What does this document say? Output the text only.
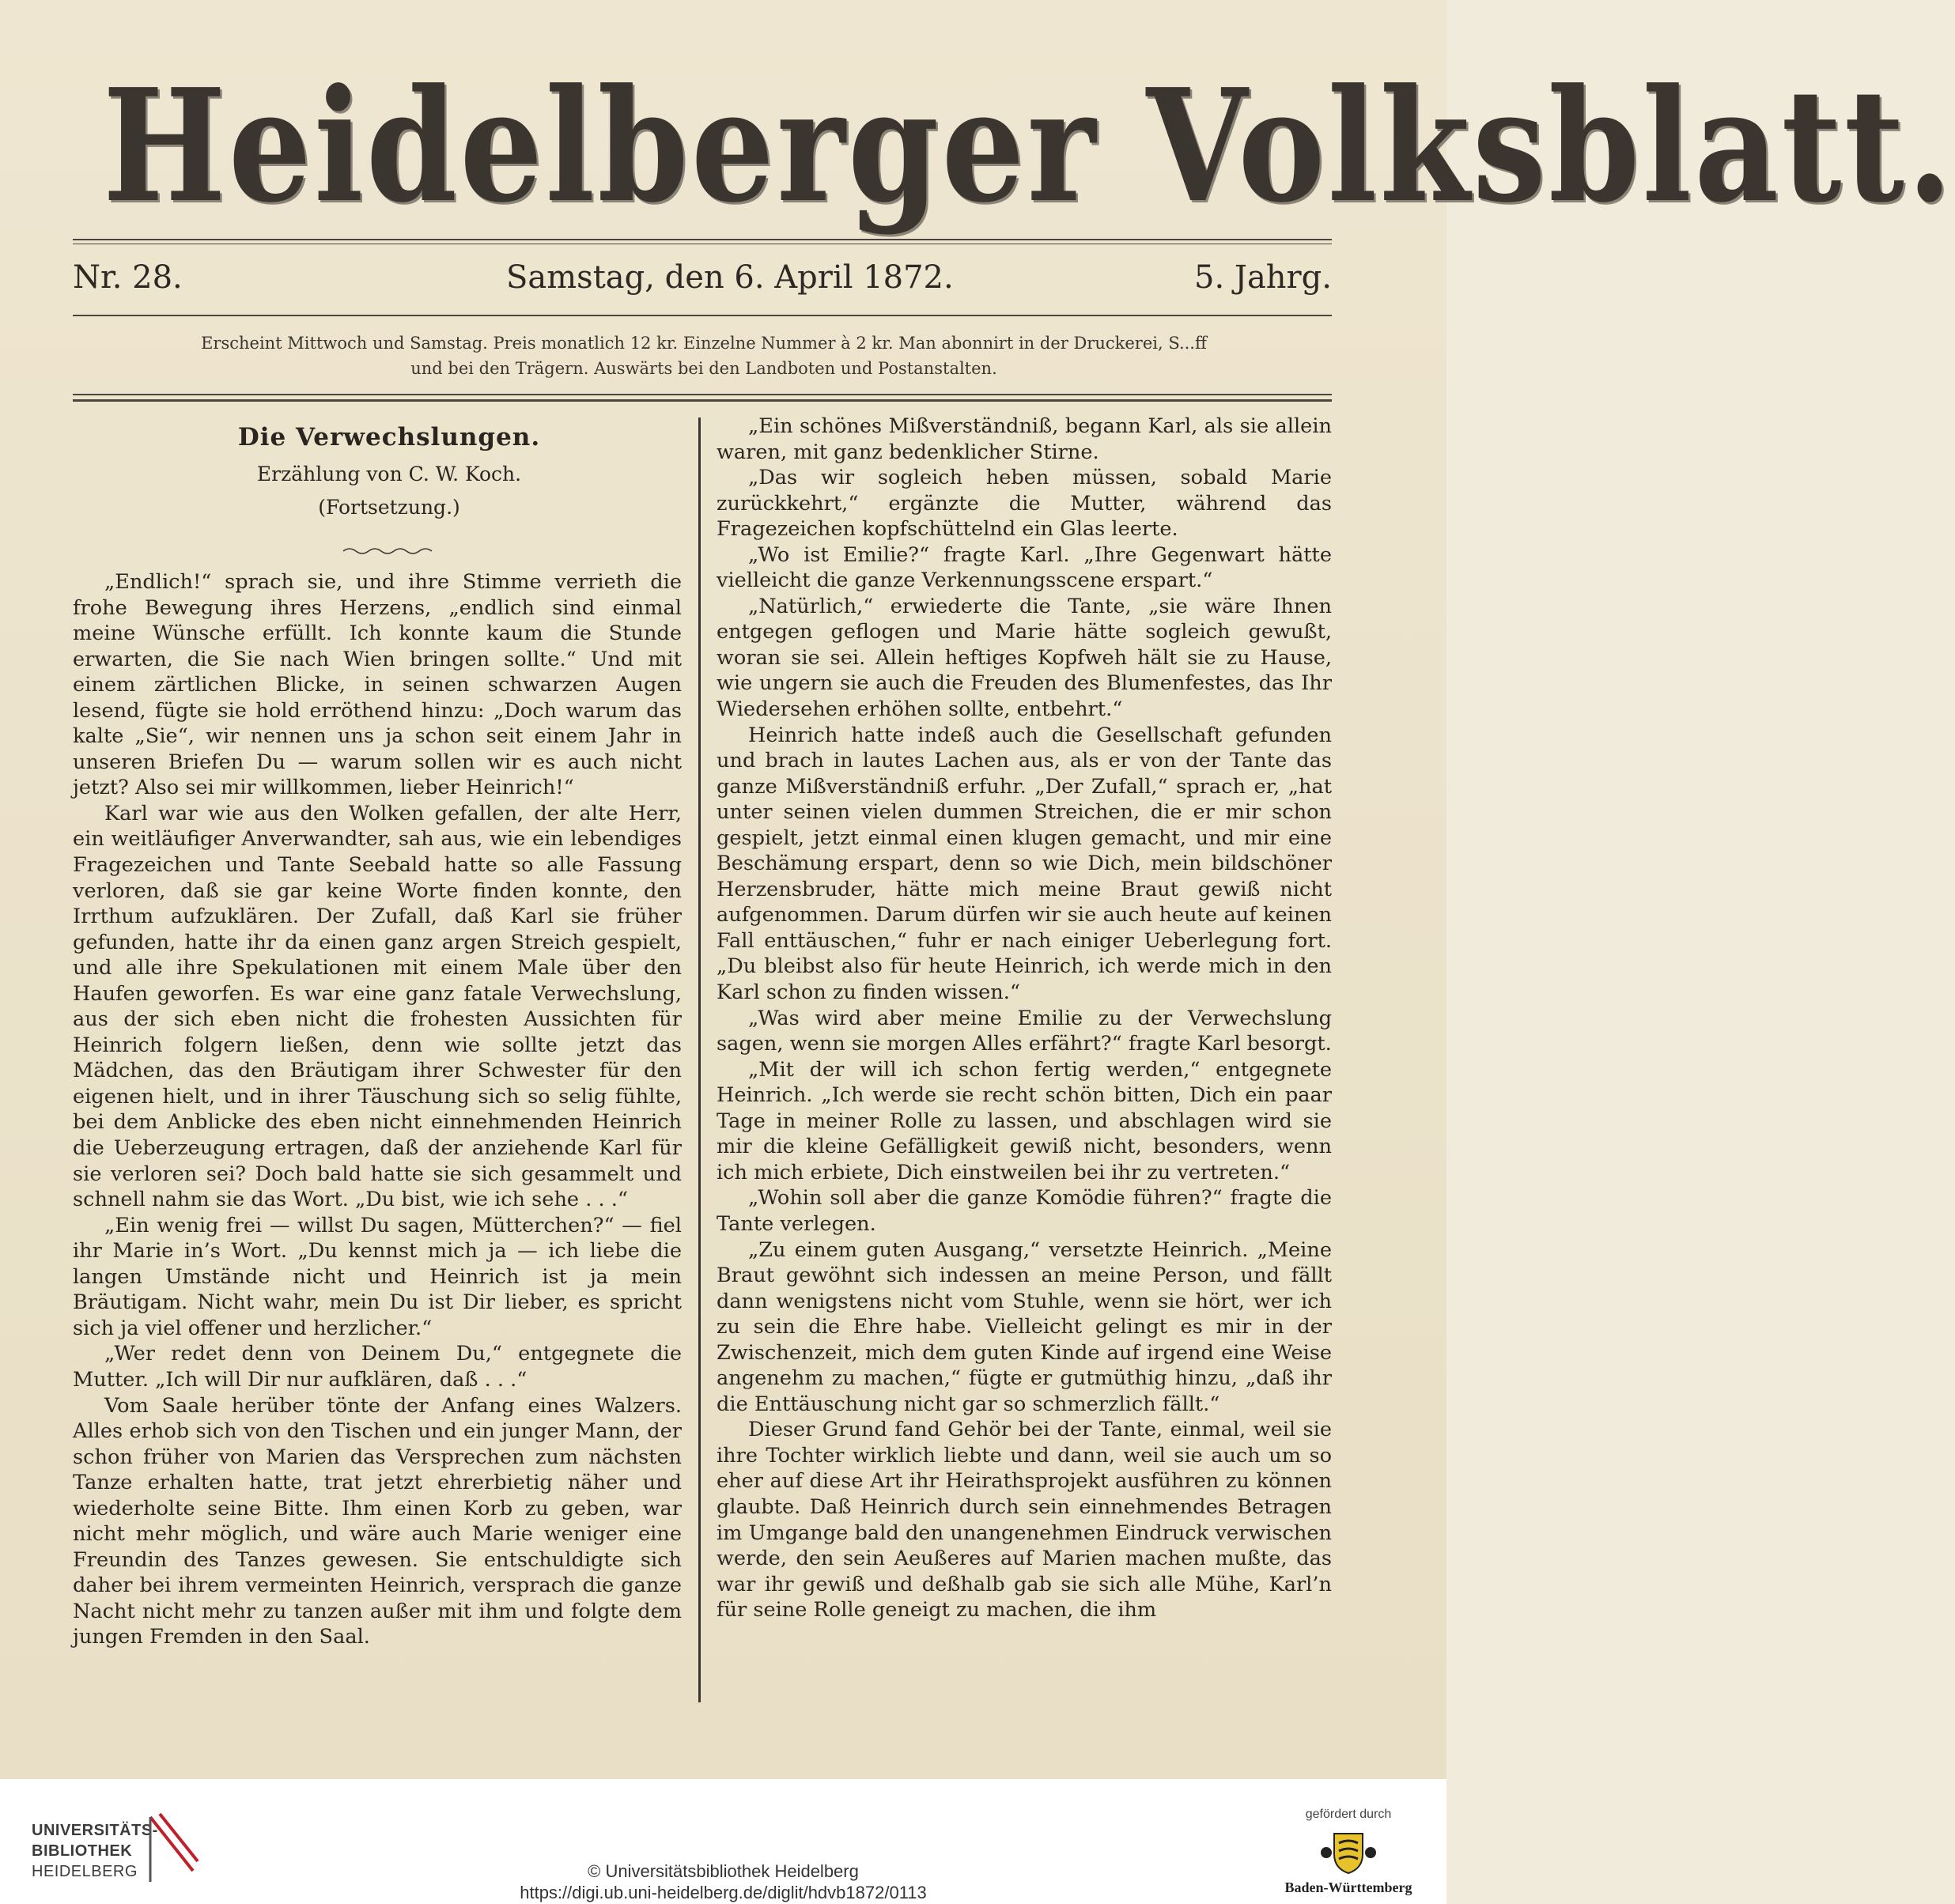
Heidelberger Volksblatt.
Nr. 28.	Samstag, den 6. April 1872.	5. Jahrg.
Erscheint Mittwoch und Samstag. Preis monatlich 12 kr. Einzelne Nummer à 2 kr. Man abonnirt in der Druckerei, S...ff
und bei den Trägern. Auswärts bei den Landboten und Postanstalten.
Die Verwechslungen.
Erzählung von C. W. Koch.
(Fortsetzung.)

„Endlich!“ sprach sie, und ihre Stimme verrieth die frohe Bewegung ihres Herzens, „endlich sind einmal meine Wünsche erfüllt. Ich konnte kaum die Stunde erwarten, die Sie nach Wien bringen sollte.“ Und mit einem zärtlichen Blicke, in seinen schwarzen Augen lesend, fügte sie hold erröthend hinzu: „Doch warum das kalte „Sie“, wir nennen uns ja schon seit einem Jahr in unseren Briefen Du — warum sollen wir es auch nicht jetzt? Also sei mir willkommen, lieber Heinrich!“

Karl war wie aus den Wolken gefallen, der alte Herr, ein weitläufiger Anverwandter, sah aus, wie ein lebendiges Fragezeichen und Tante Seebald hatte so alle Fassung verloren, daß sie gar keine Worte finden konnte, den Irrthum aufzuklären. Der Zufall, daß Karl sie früher gefunden, hatte ihr da einen ganz argen Streich gespielt, und alle ihre Spekulationen mit einem Male über den Haufen geworfen. Es war eine ganz fatale Verwechslung, aus der sich eben nicht die frohesten Aussichten für Heinrich folgern ließen, denn wie sollte jetzt das Mädchen, das den Bräutigam ihrer Schwester für den eigenen hielt, und in ihrer Täuschung sich so selig fühlte, bei dem Anblicke des eben nicht einnehmenden Heinrich die Ueberzeugung ertragen, daß der anziehende Karl für sie verloren sei? Doch bald hatte sie sich gesammelt und schnell nahm sie das Wort. „Du bist, wie ich sehe . . .“

„Ein wenig frei — willst Du sagen, Mütterchen?“ — fiel ihr Marie in’s Wort. „Du kennst mich ja — ich liebe die langen Umstände nicht und Heinrich ist ja mein Bräutigam. Nicht wahr, mein Du ist Dir lieber, es spricht sich ja viel offener und herzlicher.“

„Wer redet denn von Deinem Du,“ entgegnete die Mutter. „Ich will Dir nur aufklären, daß . . .“

Vom Saale herüber tönte der Anfang eines Walzers. Alles erhob sich von den Tischen und ein junger Mann, der schon früher von Marien das Versprechen zum nächsten Tanze erhalten hatte, trat jetzt ehrerbietig näher und wiederholte seine Bitte. Ihm einen Korb zu geben, war nicht mehr möglich, und wäre auch Marie weniger eine Freundin des Tanzes gewesen. Sie entschuldigte sich daher bei ihrem vermeinten Heinrich, versprach die ganze Nacht nicht mehr zu tanzen außer mit ihm und folgte dem jungen Fremden in den Saal.

„Ein schönes Mißverständniß, begann Karl, als sie allein waren, mit ganz bedenklicher Stirne.

„Das wir sogleich heben müssen, sobald Marie zurückkehrt,“ ergänzte die Mutter, während das Fragezeichen kopfschüttelnd ein Glas leerte.

„Wo ist Emilie?“ fragte Karl. „Ihre Gegenwart hätte vielleicht die ganze Verkennungsscene erspart.“

„Natürlich,“ erwiederte die Tante, „sie wäre Ihnen entgegen geflogen und Marie hätte sogleich gewußt, woran sie sei. Allein heftiges Kopfweh hält sie zu Hause, wie ungern sie auch die Freuden des Blumenfestes, das Ihr Wiedersehen erhöhen sollte, entbehrt.“

Heinrich hatte indeß auch die Gesellschaft gefunden und brach in lautes Lachen aus, als er von der Tante das ganze Mißverständniß erfuhr. „Der Zufall,“ sprach er, „hat unter seinen vielen dummen Streichen, die er mir schon gespielt, jetzt einmal einen klugen gemacht, und mir eine Beschämung erspart, denn so wie Dich, mein bildschöner Herzensbruder, hätte mich meine Braut gewiß nicht aufgenommen. Darum dürfen wir sie auch heute auf keinen Fall enttäuschen,“ fuhr er nach einiger Ueberlegung fort. „Du bleibst also für heute Heinrich, ich werde mich in den Karl schon zu finden wissen.“

„Was wird aber meine Emilie zu der Verwechslung sagen, wenn sie morgen Alles erfährt?“ fragte Karl besorgt.

„Mit der will ich schon fertig werden,“ entgegnete Heinrich. „Ich werde sie recht schön bitten, Dich ein paar Tage in meiner Rolle zu lassen, und abschlagen wird sie mir die kleine Gefälligkeit gewiß nicht, besonders, wenn ich mich erbiete, Dich einstweilen bei ihr zu vertreten.“

„Wohin soll aber die ganze Komödie führen?“ fragte die Tante verlegen.

„Zu einem guten Ausgang,“ versetzte Heinrich. „Meine Braut gewöhnt sich indessen an meine Person, und fällt dann wenigstens nicht vom Stuhle, wenn sie hört, wer ich zu sein die Ehre habe. Vielleicht gelingt es mir in der Zwischenzeit, mich dem guten Kinde auf irgend eine Weise angenehm zu machen,“ fügte er gutmüthig hinzu, „daß ihr die Enttäuschung nicht gar so schmerzlich fällt.“

Dieser Grund fand Gehör bei der Tante, einmal, weil sie ihre Tochter wirklich liebte und dann, weil sie auch um so eher auf diese Art ihr Heirathsprojekt ausführen zu können glaubte. Daß Heinrich durch sein einnehmendes Betragen im Umgange bald den unangenehmen Eindruck verwischen werde, den sein Aeußeres auf Marien machen mußte, das war ihr gewiß und deßhalb gab sie sich alle Mühe, Karl’n für seine Rolle geneigt zu machen, die ihm

UNIVERSITÄTS-
BIBLIOTHEK
HEIDELBERG	© Universitätsbibliothek Heidelberg
https://digi.ub.uni-heidelberg.de/diglit/hdvb1872/0113
gefördert durch
Baden-Württemberg
